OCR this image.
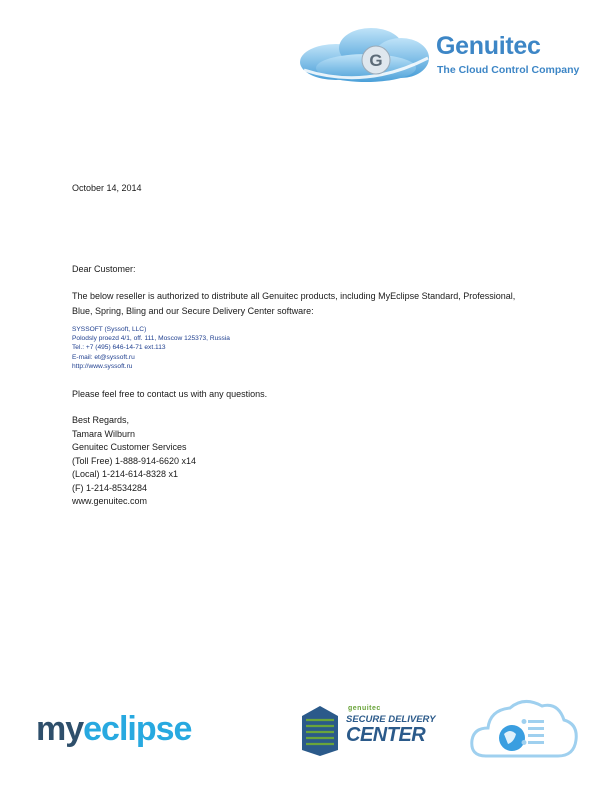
G
Genuitec
The Cloud Control Company
October 14, 2014
Dear Customer:
The below reseller is authorized to distribute all Genuitec products, including MyEclipse Standard, Professional, Blue, Spring, Bling and our Secure Delivery Center software:
SYSSOFT (Syssoft, LLC)
Polodsly proezd 4/1, off. 111, Moscow 125373, Russia
Tel.: +7 (495) 646-14-71 ext.113
E-mail: et@syssoft.ru
http://www.syssoft.ru
Please feel free to contact us with any questions.
Best Regards,
Tamara Wilburn
Genuitec Customer Services
(Toll Free) 1-888-914-6620 x14
(Local) 1-214-614-8328 x1
(F) 1-214-8534284
www.genuitec.com
myeclipse
genuitec
SECURE DELIVERY
CENTER
